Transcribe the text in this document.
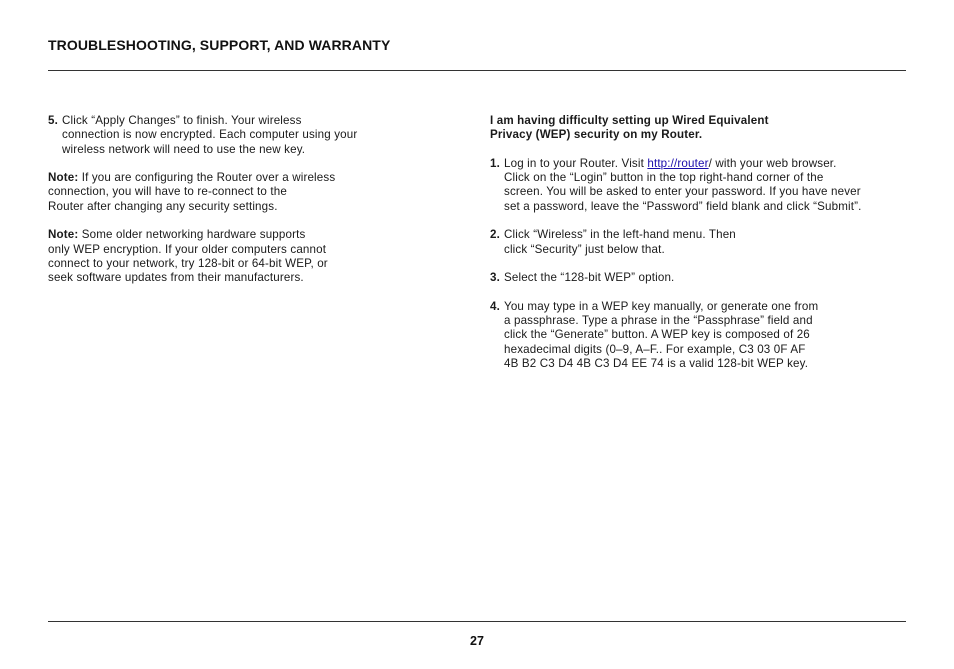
TROUBLESHOOTING, SUPPORT, AND WARRANTY
5. Click “Apply Changes” to finish. Your wireless

connection is now encrypted. Each computer using your

wireless network will need to use the new key.

Note: If you are configuring the Router over a wireless

connection, you will have to re-connect to the

Router after changing any security settings.

Note: Some older networking hardware supports

only WEP encryption. If your older computers cannot

connect to your network, try 128-bit or 64-bit WEP, or

seek software updates from their manufacturers.

I am having difficulty setting up Wired Equivalent

Privacy (WEP) security on my Router.

1. Log in to your Router. Visit http://router/ with your web browser.

Click on the “Login” button in the top right-hand corner of the

screen. You will be asked to enter your password. If you have never

set a password, leave the “Password” field blank and click “Submit”.

2. Click “Wireless” in the left-hand menu. Then

click “Security” just below that.

3. Select the “128-bit WEP” option.

4. You may type in a WEP key manually, or generate one from

a passphrase. Type a phrase in the “Passphrase” field and

click the “Generate” button. A WEP key is composed of 26

hexadecimal digits (0–9, A–F.. For example, C3 03 0F AF

4B B2 C3 D4 4B C3 D4 EE 74 is a valid 128-bit WEP key.

27
